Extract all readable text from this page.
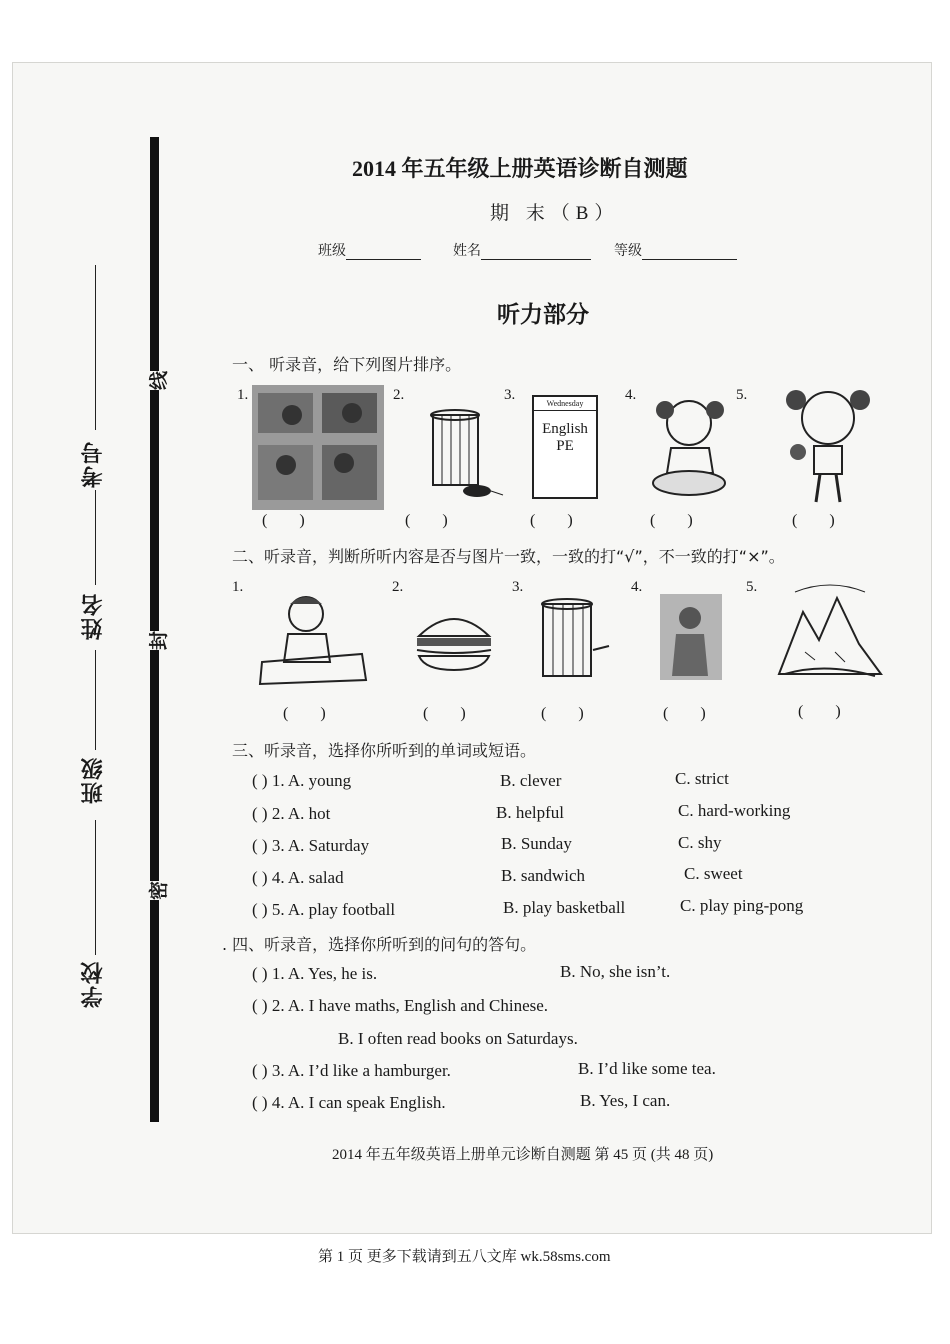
线
封
密
考号
姓名
班级
学校
2014 年五年级上册英语诊断自测题
期 末（B）
班级	姓名	等级
听力部分
一、 听录音，给下列图片排序。
1.	2.	3.	4.	5.
Wednesday
English
PE
( )	( )	( )	( )	( )
二、听录音，判断所听内容是否与图片一致，一致的打“√”，不一致的打“×”。
1.	2.	3.	4.	5.
( )	( )	( )	( )	( )
三、听录音，选择你所听到的单词或短语。
( ) 1. A. young	B. clever	C. strict
( ) 2. A. hot	B. helpful	C. hard-working
( ) 3. A. Saturday	B. Sunday	C. shy
( ) 4. A. salad	B. sandwich	C. sweet
( ) 5. A. play football	B. play basketball	C. play ping-pong
. 四、听录音，选择你所听到的问句的答句。
( ) 1. A. Yes, he is.	B. No, she isn’t.
( ) 2. A. I have maths, English and Chinese.
B. I often read books on Saturdays.
( ) 3. A. I’d like a hamburger.	B. I’d like some tea.
( ) 4. A. I can speak English.	B. Yes, I can.
2014 年五年级英语上册单元诊断自测题 第 45 页 (共 48 页)
第 1 页 更多下载请到五八文库 wk.58sms.com
